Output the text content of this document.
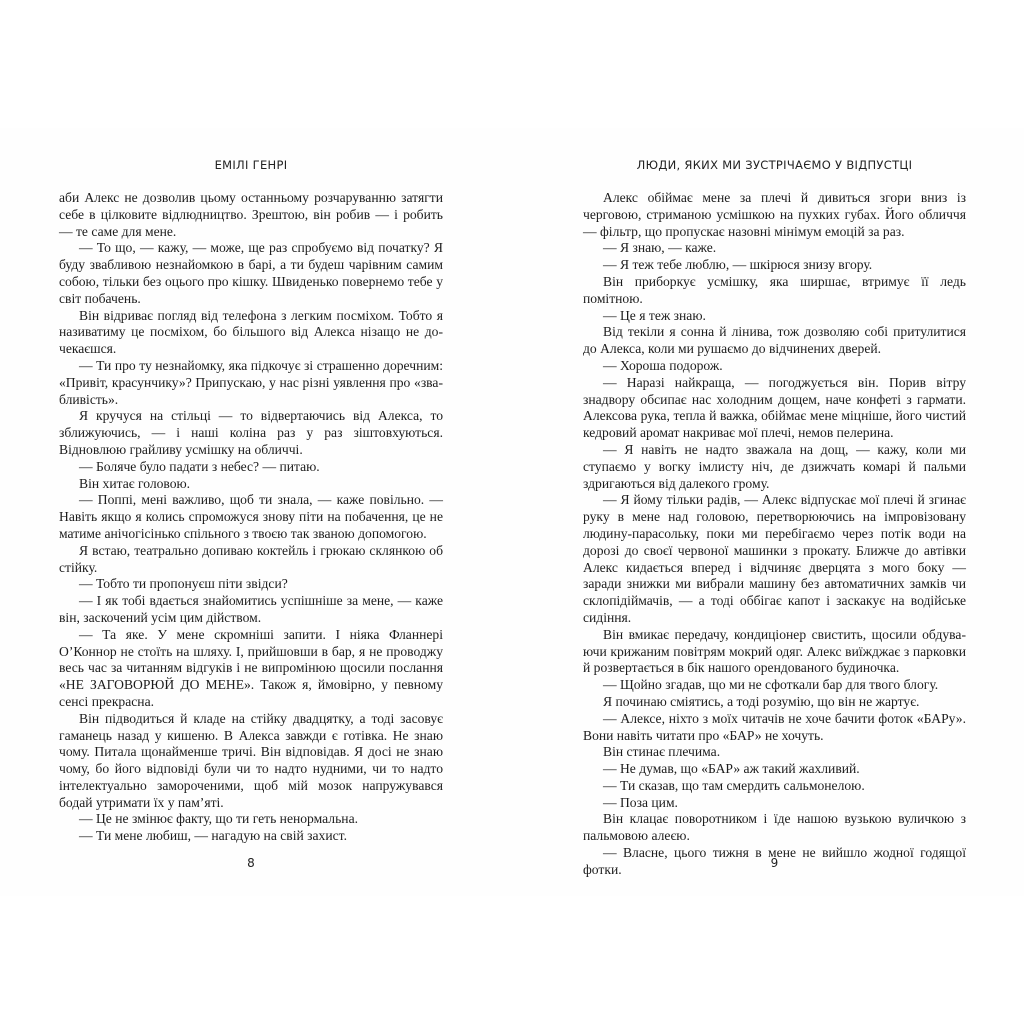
ЕМІЛІ ГЕНРІ

аби Алекс не дозволив цьому останньому розчаруванню затягти себе в цілковите відлюдництво. Зрештою, він робив — і робить — те саме для мене.

— То що, — кажу, — може, ще раз спробуємо від початку? Я буду звабливою незнайомкою в барі, а ти будеш чарівним самим собою, тільки без оцього про кішку. Швиденько повернемо тебе у світ побачень.

Він відриває погляд від телефона з легким посміхом. Тобто я називатиму це посміхом, бо більшого від Алекса нізащо не дочекаєшся.

— Ти про ту незнайомку, яка підкочує зі страшенно доречним: «Привіт, красунчику»? Припускаю, у нас різні уявлення про «звабливість».

Я кручуся на стільці — то відвертаючись від Алекса, то зближуючись, — і наші коліна раз у раз зіштовхуються. Відновлюю грайливу усмішку на обличчі.

— Боляче було падати з небес? — питаю.

Він хитає головою.

— Поппі, мені важливо, щоб ти знала, — каже повільно. — Навіть якщо я колись спроможуся знову піти на побачення, це не матиме анічогісінько спільного з твоєю так званою допомогою.

Я встаю, театрально допиваю коктейль і грюкаю склянкою об стійку.

— Тобто ти пропонуєш піти звідси?

— І як тобі вдається знайомитись успішніше за мене, — каже він, заскочений усім цим дійством.

— Та яке. У мене скромніші запити. І ніяка Фланнері О’Коннор не стоїть на шляху. І, прийшовши в бар, я не проводжу весь час за читанням відгуків і не випромінюю щосили послання «НЕ ЗАГОВОРЮЙ ДО МЕНЕ». Також я, ймовірно, у певному сенсі прекрасна.

Він підводиться й кладе на стійку двадцятку, а тоді засовує гаманець назад у кишеню. В Алекса завжди є готівка. Не знаю чому. Питала щонайменше тричі. Він відповідав. Я досі не знаю чому, бо його відповіді були чи то надто нудними, чи то надто інтелектуально замороченими, щоб мій мозок напружувався бодай утримати їх у пам’яті.

— Це не змінює факту, що ти геть ненормальна.

— Ти мене любиш, — нагадую на свій захист.

8
ЛЮДИ, ЯКИХ МИ ЗУСТРІЧАЄМО У ВІДПУСТЦІ

Алекс обіймає мене за плечі й дивиться згори вниз із черговою, стриманою усмішкою на пухких губах. Його обличчя — фільтр, що пропускає назовні мінімум емоцій за раз.

— Я знаю, — каже.

— Я теж тебе люблю, — шкірюся знизу вгору.

Він приборкує усмішку, яка ширшає, втримує її ледь помітною.

— Це я теж знаю.

Від текіли я сонна й лінива, тож дозволяю собі притулитися до Алекса, коли ми рушаємо до відчинених дверей.

— Хороша подорож.

— Наразі найкраща, — погоджується він. Порив вітру знадвору обсипає нас холодним дощем, наче конфеті з гармати. Алексова рука, тепла й важка, обіймає мене міцніше, його чистий кедровий аромат накриває мої плечі, немов пелерина.

— Я навіть не надто зважала на дощ, — кажу, коли ми ступаємо у вогку імлисту ніч, де дзижчать комарі й пальми здригаються від далекого грому.

— Я йому тільки радів, — Алекс відпускає мої плечі й згинає руку в мене над головою, перетворюючись на імпровізовану людину-парасольку, поки ми перебігаємо через потік води на дорозі до своєї червоної машинки з прокату. Ближче до автівки Алекс кидається вперед і відчиняє дверцята з мого боку — заради знижки ми вибрали машину без автоматичних замків чи склопідіймачів, — а тоді оббігає капот і заскакує на водійське сидіння.

Він вмикає передачу, кондиціонер свистить, щосили обдуваючи крижаним повітрям мокрий одяг. Алекс виїжджає з парковки й розвертається в бік нашого орендованого будиночка.

— Щойно згадав, що ми не сфоткали бар для твого блогу.

Я починаю сміятись, а тоді розумію, що він не жартує.

— Алексе, ніхто з моїх читачів не хоче бачити фоток «БАРу». Вони навіть читати про «БАР» не хочуть.

Він стинає плечима.

— Не думав, що «БАР» аж такий жахливий.

— Ти сказав, що там смердить сальмонелою.

— Поза цим.

Він клацає поворотником і їде нашою вузькою вуличкою з пальмовою алеєю.

— Власне, цього тижня в мене не вийшло жодної годящої фотки.	9
